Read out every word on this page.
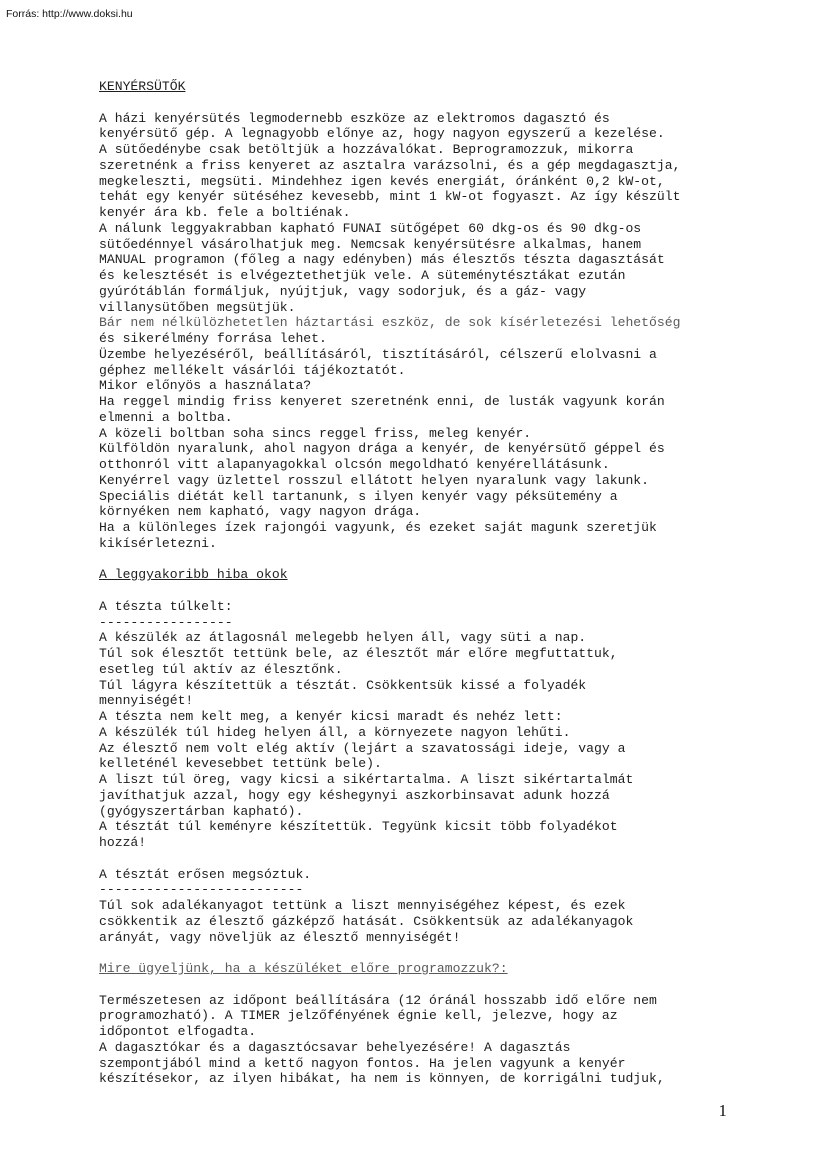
Forrás: http://www.doksi.hu
KENYÉRSÜTŐK
A házi kenyérsütés legmodernebb eszköze az elektromos dagasztó és
kenyérsütő gép. A legnagyobb előnye az, hogy nagyon egyszerű a kezelése.
A sütőedénybe csak betöltjük a hozzávalókat. Beprogramozzuk, mikorra
szeretnénk a friss kenyeret az asztalra varázsolni, és a gép megdagasztja,
megkeleszti, megsüti. Mindehhez igen kevés energiát, óránként 0,2 kW-ot,
tehát egy kenyér sütéséhez kevesebb, mint 1 kW-ot fogyaszt. Az így készült
kenyér ára kb. fele a boltiénak.
A nálunk leggyakrabban kapható FUNAI sütőgépet 60 dkg-os és 90 dkg-os
sütőedénnyel vásárolhatjuk meg. Nemcsak kenyérsütésre alkalmas, hanem
MANUAL programon (főleg a nagy edényben) más élesztős tészta dagasztását
és kelesztését is elvégeztethetjük vele. A süteménytésztákat ezután
gyúrótáblán formáljuk, nyújtjuk, vagy sodorjuk, és a gáz- vagy
villanysütőben megsütjük.
Bár nem nélkülözhetetlen háztartási eszköz, de sok kísérletezési lehetőség
és sikerélmény forrása lehet.
Üzembe helyezéséről, beállításáról, tisztításáról, célszerű elolvasni a
géphez mellékelt vásárlói tájékoztatót.
Mikor előnyös a használata?
Ha reggel mindig friss kenyeret szeretnénk enni, de lusták vagyunk korán
elmenni a boltba.
A közeli boltban soha sincs reggel friss, meleg kenyér.
Külföldön nyaralunk, ahol nagyon drága a kenyér, de kenyérsütő géppel és
otthonról vitt alapanyagokkal olcsón megoldható kenyérellátásunk.
Kenyérrel vagy üzlettel rosszul ellátott helyen nyaralunk vagy lakunk.
Speciális diétát kell tartanunk, s ilyen kenyér vagy péksütemény a
környéken nem kapható, vagy nagyon drága.
Ha a különleges ízek rajongói vagyunk, és ezeket saját magunk szeretjük
kikísérletezni.
A leggyakoribb hiba okok
A tészta túlkelt:
-----------------
A készülék az átlagosnál melegebb helyen áll, vagy süti a nap.
Túl sok élesztőt tettünk bele, az élesztőt már előre megfuttattuk,
esetleg túl aktív az élesztőnk.
Túl lágyra készítettük a tésztát. Csökkentsük kissé a folyadék
mennyiségét!
A tészta nem kelt meg, a kenyér kicsi maradt és nehéz lett:
A készülék túl hideg helyen áll, a környezete nagyon lehűti.
Az élesztő nem volt elég aktív (lejárt a szavatossági ideje, vagy a
kelleténél kevesebbet tettünk bele).
A liszt túl öreg, vagy kicsi a sikértartalma. A liszt sikértartalmát
javíthatjuk azzal, hogy egy késhegynyi aszkorbinsavat adunk hozzá
(gyógyszertárban kapható).
A tésztát túl keményre készítettük. Tegyünk kicsit több folyadékot
hozzá!
A tésztát erősen megsóztuk.
--------------------------
Túl sok adalékanyagot tettünk a liszt mennyiségéhez képest, és ezek
csökkentik az élesztő gázképző hatását. Csökkentsük az adalékanyagok
arányát, vagy növeljük az élesztő mennyiségét!
Mire ügyeljünk, ha a készüléket előre programozzuk?:
Természetesen az időpont beállítására (12 óránál hosszabb idő előre nem
programozható). A TIMER jelzőfényének égnie kell, jelezve, hogy az
időpontot elfogadta.
A dagasztókar és a dagasztócsavar behelyezésére! A dagasztás
szempontjából mind a kettő nagyon fontos. Ha jelen vagyunk a kenyér
készítésekor, az ilyen hibákat, ha nem is könnyen, de korrigálni tudjuk,
1
